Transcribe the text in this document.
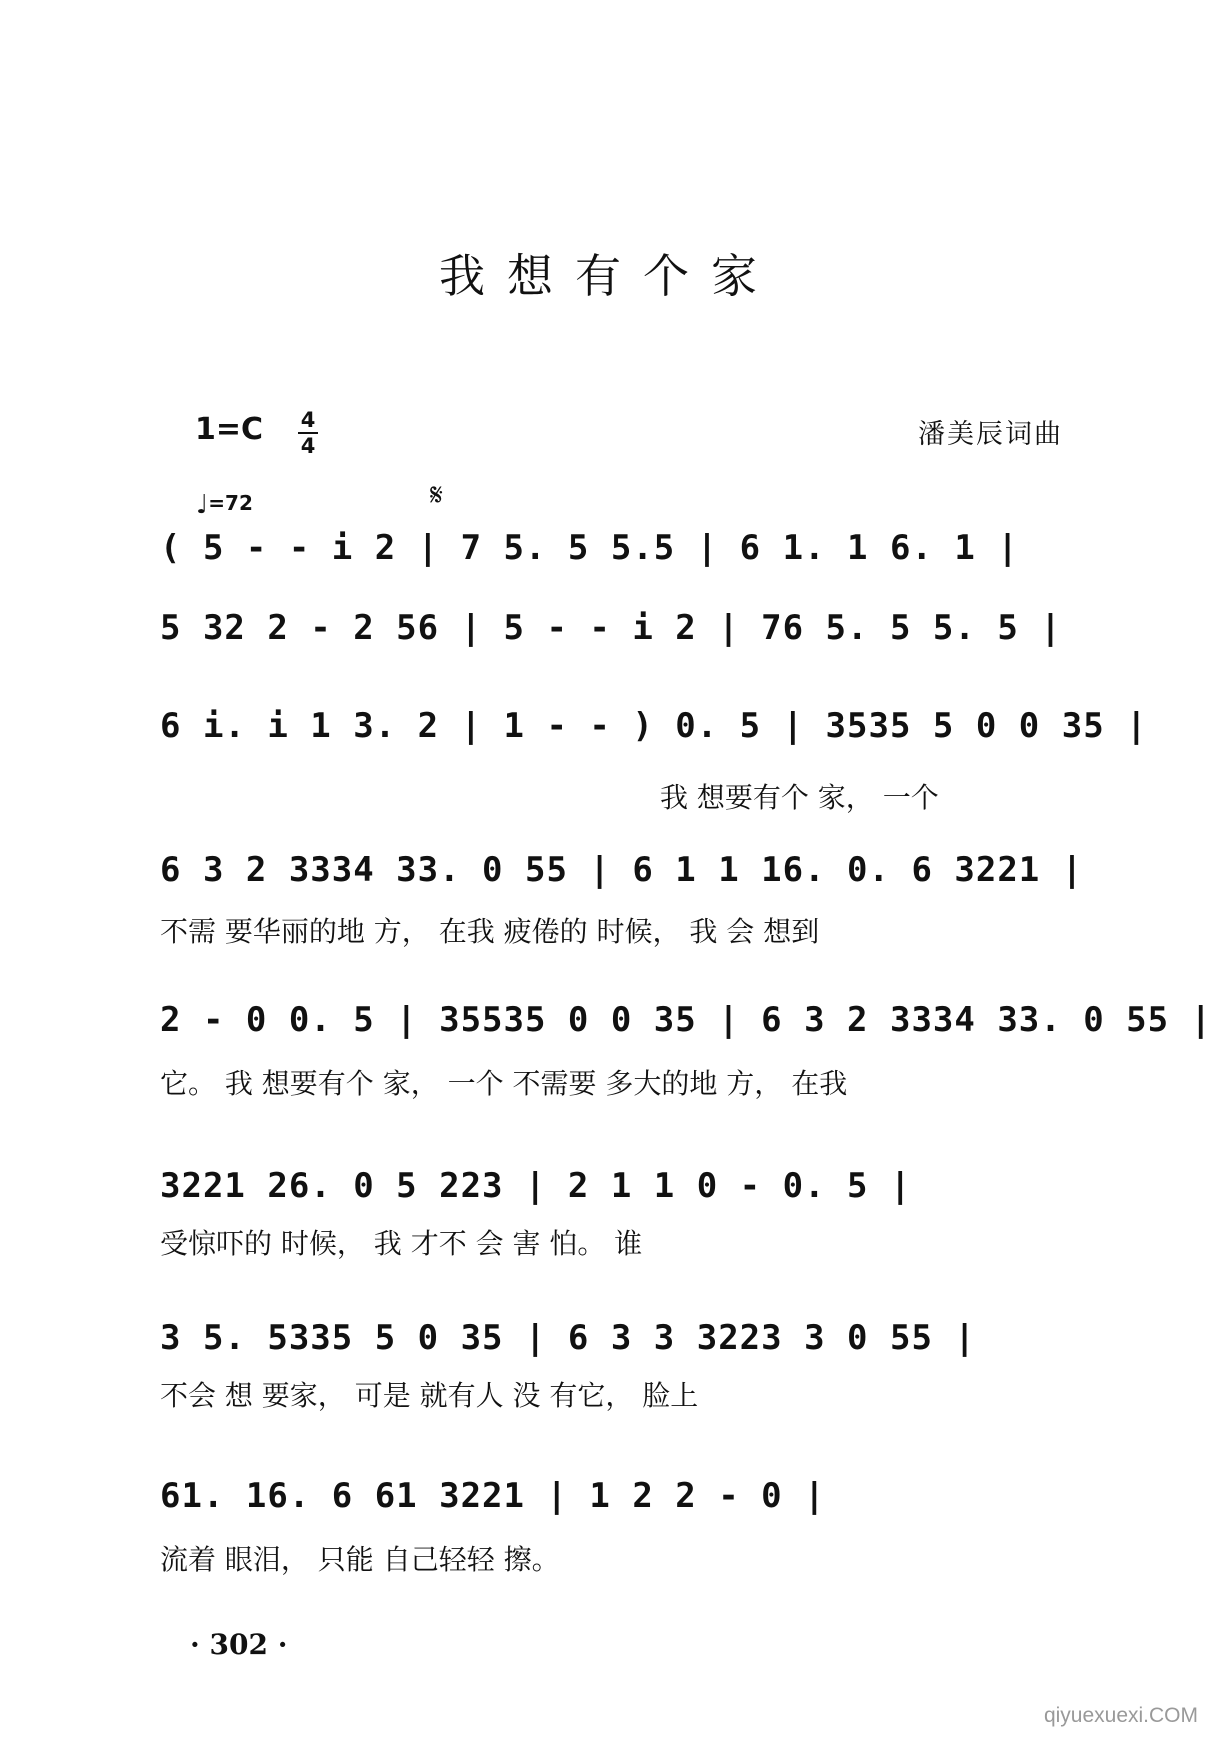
我想有个家
1=C 4
4	潘美辰词曲
♩=72	𝄋
( 5 - - i 2 | 7 5. 5 5.5 | 6 1. 1 6. 1 |
5 32 2 - 2 56 | 5 - - i 2 | 76 5. 5 5. 5 |
6 i. i 1 3. 2 | 1 - - ) 0. 5 | 3535 5 0 0 35 |
我 想要有个 家， 一个
6 3 2 3334 33. 0 55 | 6 1 1 16. 0. 6 3221 |
不需 要华丽的地 方， 在我 疲倦的 时候， 我 会 想到
2 - 0 0. 5 | 35535 0 0 35 | 6 3 2 3334 33. 0 55 |
它。 我 想要有个 家， 一个 不需要 多大的地 方， 在我
3221 26. 0 5 223 | 2 1 1 0 - 0. 5 |
受惊吓的 时候， 我 才不 会 害 怕。 谁
3 5. 5335 5 0 35 | 6 3 3 3223 3 0 55 |
不会 想 要家， 可是 就有人 没 有它， 脸上
61. 16. 6 61 3221 | 1 2 2 - 0 |
流着 眼泪， 只能 自己轻轻 擦。
· 302 ·
qiyuexuexi.COM
